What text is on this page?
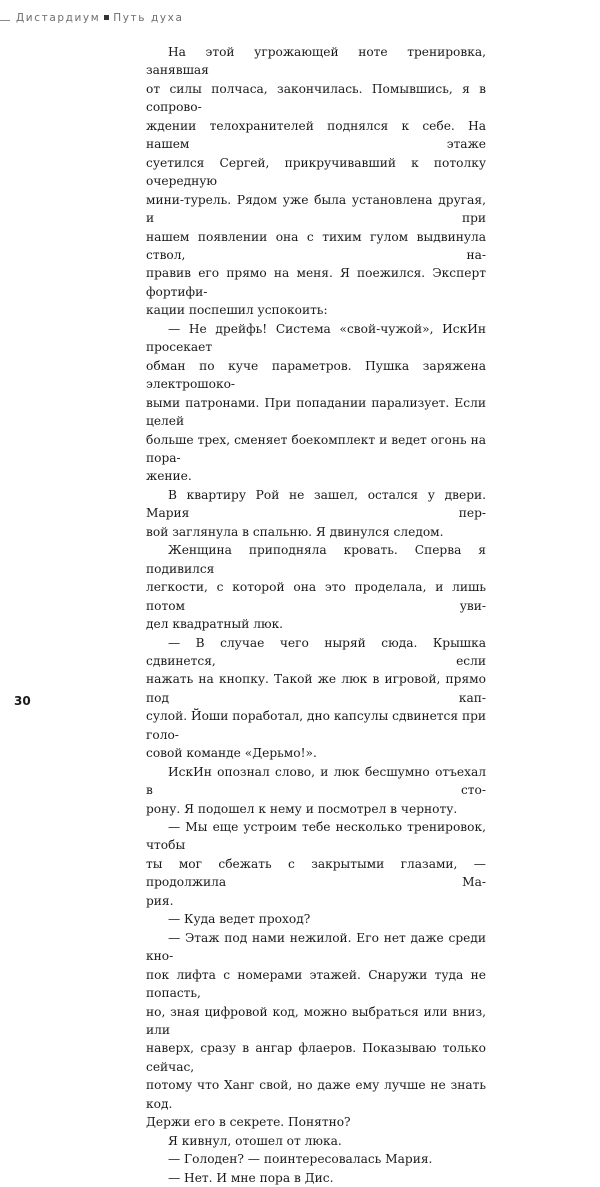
Дистардиум Путь духа

На этой угрожающей ноте тренировка, занявшая
от силы полчаса, закончилась. Помывшись, я в сопрово-
ждении телохранителей поднялся к себе. На нашем этаже
суетился Сергей, прикручивавший к потолку очередную
мини-турель. Рядом уже была установлена другая, и при
нашем появлении она с тихим гулом выдвинула ствол, на-
правив его прямо на меня. Я поежился. Эксперт фортифи-
кации поспешил успокоить:

— Не дрейфь! Система «свой-чужой», ИскИн просекает
обман по куче параметров. Пушка заряжена электрошоко-
выми патронами. При попадании парализует. Если целей
больше трех, сменяет боекомплект и ведет огонь на пора-
жение.

В квартиру Рой не зашел, остался у двери. Мария пер-
вой заглянула в спальню. Я двинулся следом.

Женщина приподняла кровать. Сперва я подивился
легкости, с которой она это проделала, и лишь потом уви-
дел квадратный люк.

— В случае чего ныряй сюда. Крышка сдвинется, если
нажать на кнопку. Такой же люк в игровой, прямо под кап-
сулой. Йоши поработал, дно капсулы сдвинется при голо-
совой команде «Дерьмо!».

ИскИн опознал слово, и люк бесшумно отъехал в сто-
рону. Я подошел к нему и посмотрел в черноту.

— Мы еще устроим тебе несколько тренировок, чтобы
ты мог сбежать с закрытыми глазами, — продолжила Ма-
рия.

— Куда ведет проход?

— Этаж под нами нежилой. Его нет даже среди кно-
пок лифта с номерами этажей. Снаружи туда не попасть,
но, зная цифровой код, можно выбраться или вниз, или
наверх, сразу в ангар флаеров. Показываю только сейчас,
потому что Ханг свой, но даже ему лучше не знать код.
Держи его в секрете. Понятно?

Я кивнул, отошел от люка.

— Голоден? — поинтересовалась Мария.

— Нет. И мне пора в Дис.

30
